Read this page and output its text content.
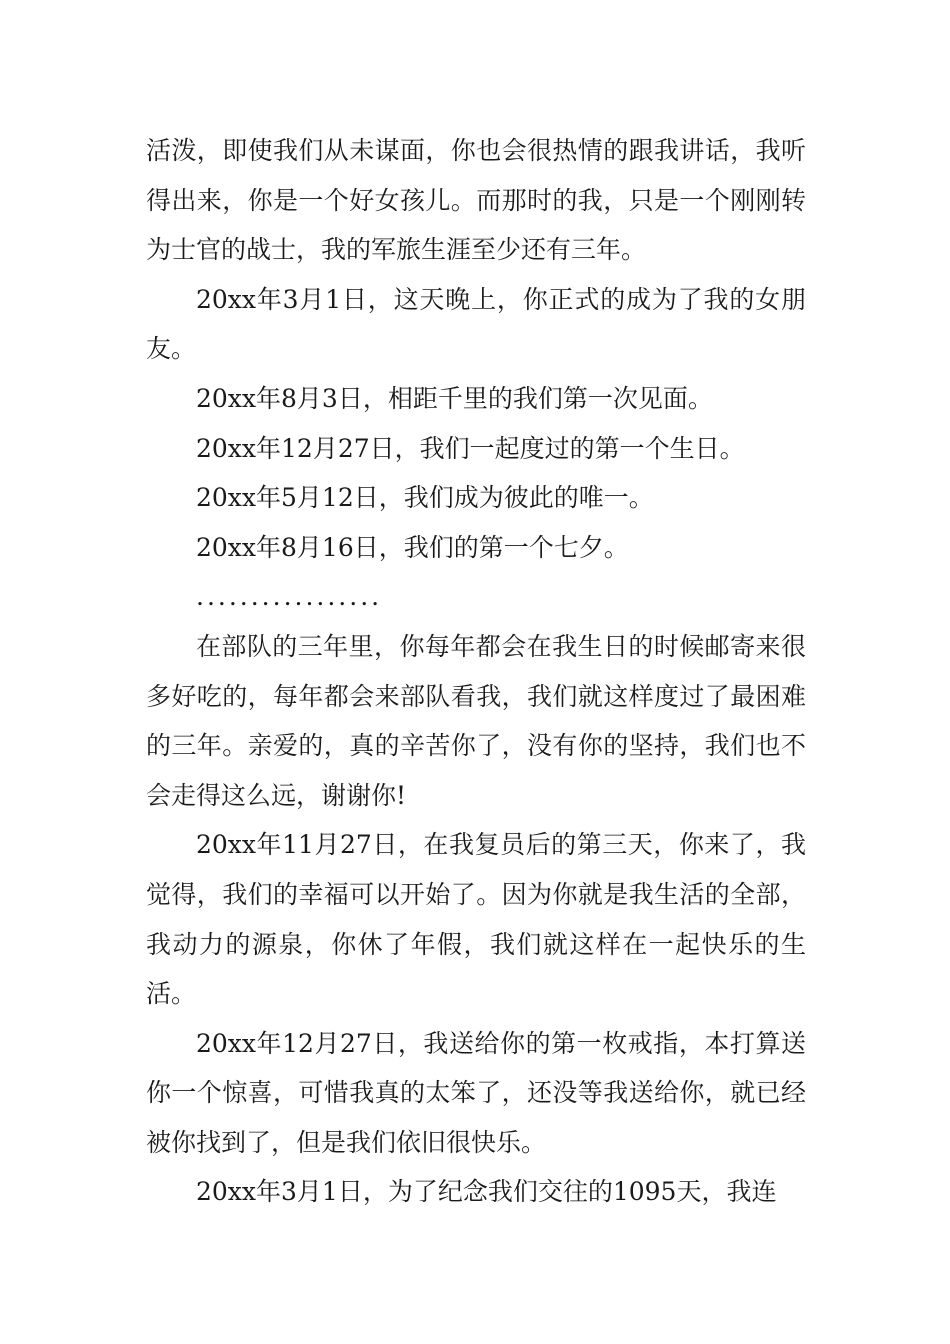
活泼，即使我们从未谋面，你也会很热情的跟我讲话，我听得出来，你是一个好女孩儿。而那时的我，只是一个刚刚转为士官的战士，我的军旅生涯至少还有三年。

20xx年3月1日，这天晚上，你正式的成为了我的女朋友。

20xx年8月3日，相距千里的我们第一次见面。

20xx年12月27日，我们一起度过的第一个生日。

20xx年5月12日，我们成为彼此的唯一。

20xx年8月16日，我们的第一个七夕。

.................

在部队的三年里，你每年都会在我生日的时候邮寄来很多好吃的，每年都会来部队看我，我们就这样度过了最困难的三年。亲爱的，真的辛苦你了，没有你的坚持，我们也不会走得这么远，谢谢你!

20xx年11月27日，在我复员后的第三天，你来了，我觉得，我们的幸福可以开始了。因为你就是我生活的全部，我动力的源泉，你休了年假，我们就这样在一起快乐的生活。

20xx年12月27日，我送给你的第一枚戒指，本打算送你一个惊喜，可惜我真的太笨了，还没等我送给你，就已经被你找到了，但是我们依旧很快乐。

20xx年3月1日，为了纪念我们交往的1095天，我连
